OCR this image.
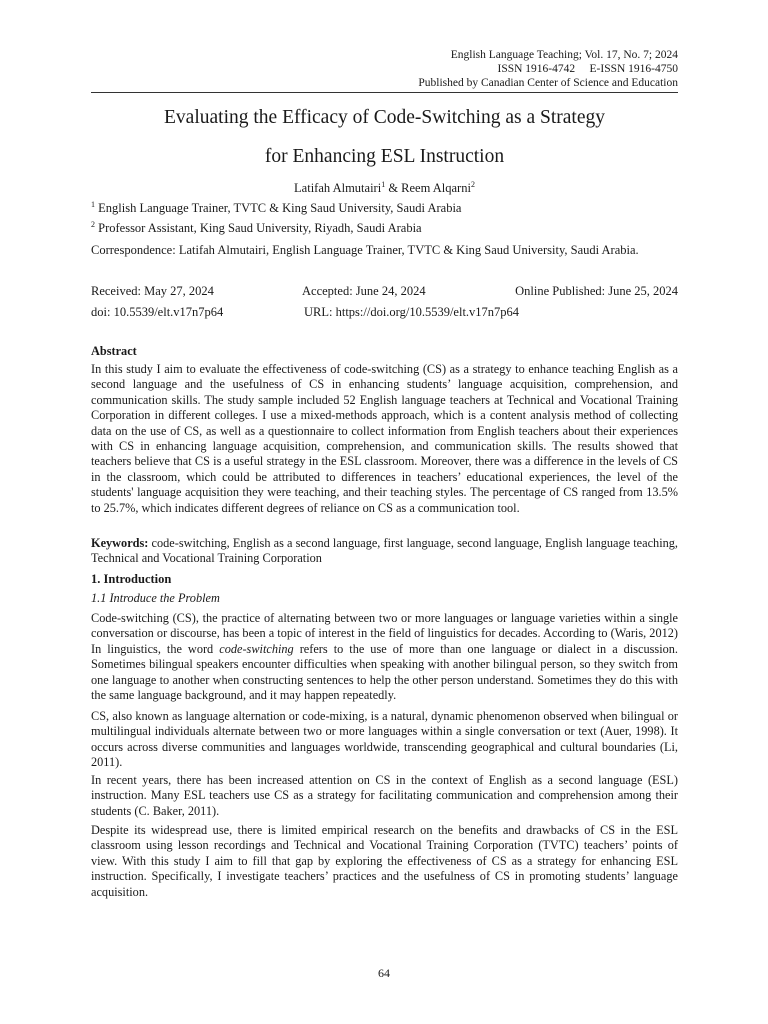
English Language Teaching; Vol. 17, No. 7; 2024
ISSN 1916-4742     E-ISSN 1916-4750
Published by Canadian Center of Science and Education
Evaluating the Efficacy of Code-Switching as a Strategy
for Enhancing ESL Instruction
Latifah Almutairi$^1$ & Reem Alqarni$^2$
$^1$ English Language Trainer, TVTC & King Saud University, Saudi Arabia
$^2$ Professor Assistant, King Saud University, Riyadh, Saudi Arabia
Correspondence: Latifah Almutairi, English Language Trainer, TVTC & King Saud University, Saudi Arabia.
Received: May 27, 2024	Accepted: June 24, 2024	Online Published: June 25, 2024
doi: 10.5539/elt.v17n7p64	URL: https://doi.org/10.5539/elt.v17n7p64
Abstract
In this study I aim to evaluate the effectiveness of code-switching (CS) as a strategy to enhance teaching English as a second language and the usefulness of CS in enhancing students’ language acquisition, comprehension, and communication skills. The study sample included 52 English language teachers at Technical and Vocational Training Corporation in different colleges. I use a mixed-methods approach, which is a content analysis method of collecting data on the use of CS, as well as a questionnaire to collect information from English teachers about their experiences with CS in enhancing language acquisition, comprehension, and communication skills. The results showed that teachers believe that CS is a useful strategy in the ESL classroom. Moreover, there was a difference in the levels of CS in the classroom, which could be attributed to differences in teachers’ educational experiences, the level of the students' language acquisition they were teaching, and their teaching styles. The percentage of CS ranged from 13.5% to 25.7%, which indicates different degrees of reliance on CS as a communication tool.
Keywords: code-switching, English as a second language, first language, second language, English language teaching, Technical and Vocational Training Corporation
1. Introduction
1.1 Introduce the Problem
Code-switching (CS), the practice of alternating between two or more languages or language varieties within a single conversation or discourse, has been a topic of interest in the field of linguistics for decades. According to (Waris, 2012) In linguistics, the word code-switching refers to the use of more than one language or dialect in a discussion. Sometimes bilingual speakers encounter difficulties when speaking with another bilingual person, so they switch from one language to another when constructing sentences to help the other person understand. Sometimes they do this with the same language background, and it may happen repeatedly.
CS, also known as language alternation or code-mixing, is a natural, dynamic phenomenon observed when bilingual or multilingual individuals alternate between two or more languages within a single conversation or text (Auer, 1998). It occurs across diverse communities and languages worldwide, transcending geographical and cultural boundaries (Li, 2011).
In recent years, there has been increased attention on CS in the context of English as a second language (ESL) instruction. Many ESL teachers use CS as a strategy for facilitating communication and comprehension among their students (C. Baker, 2011).
Despite its widespread use, there is limited empirical research on the benefits and drawbacks of CS in the ESL classroom using lesson recordings and Technical and Vocational Training Corporation (TVTC) teachers’ points of view. With this study I aim to fill that gap by exploring the effectiveness of CS as a strategy for enhancing ESL instruction. Specifically, I investigate teachers’ practices and the usefulness of CS in promoting students’ language acquisition.
64
